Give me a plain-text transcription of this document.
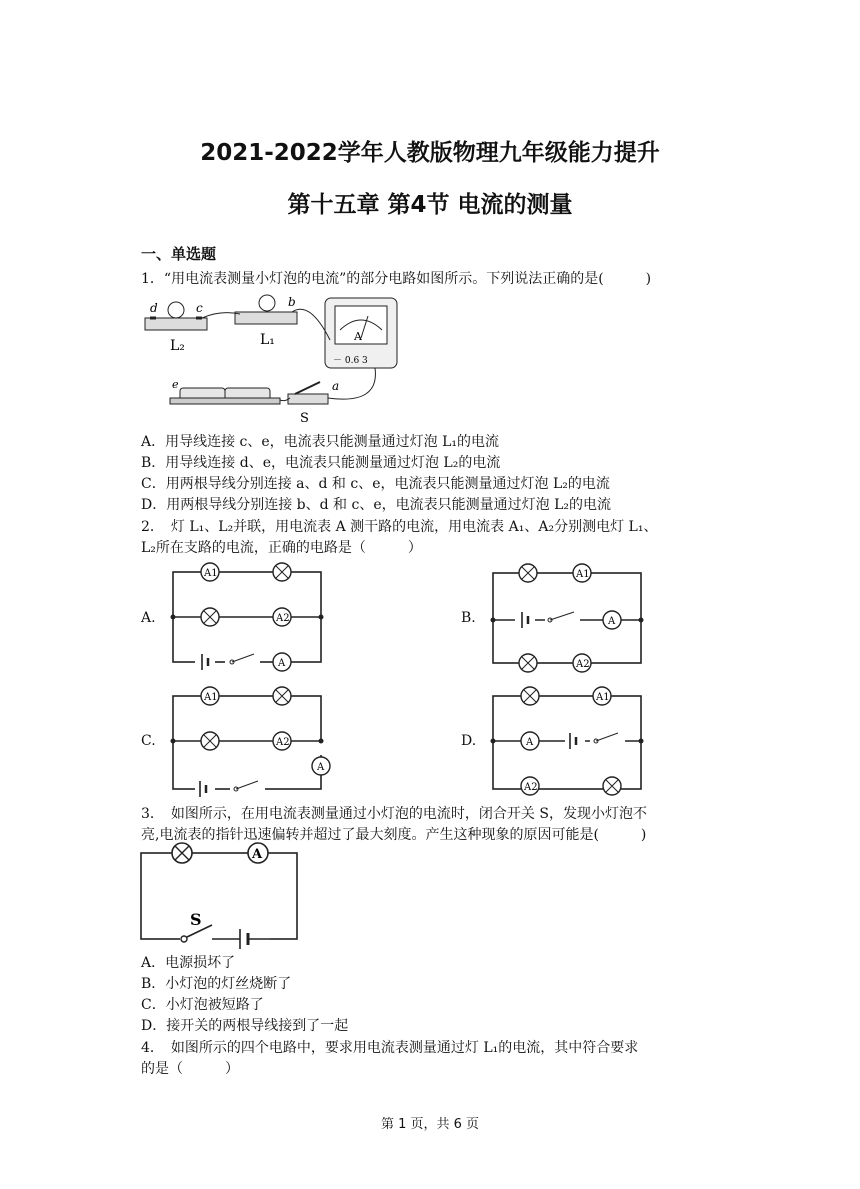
2021-2022学年人教版物理九年级能力提升
第十五章 第4节 电流的测量
一、单选题
1．“用电流表测量小灯泡的电流”的部分电路如图所示。下列说法正确的是(　　　)
d	c
L₂
b
L₁	A
－ 0.6 3
e	a
S
A．用导线连接 c、e，电流表只能测量通过灯泡 L₁的电流
B．用导线连接 d、e，电流表只能测量通过灯泡 L₂的电流
C．用两根导线分别连接 a、d 和 c、e，电流表只能测量通过灯泡 L₂的电流
D．用两根导线分别连接 b、d 和 c、e，电流表只能测量通过灯泡 L₂的电流
2．　灯 L₁、L₂并联，用电流表 A 测干路的电流，用电流表 A₁、A₂分别测电灯 L₁、
L₂所在支路的电流，正确的电路是（　　　）
A.	B.
C.	D.
A1
A2
A
A1
A
A2
A1
A2
A
A1
A
A2
3．　如图所示，在用电流表测量通过小灯泡的电流时，闭合开关 S，发现小灯泡不
亮,电流表的指针迅速偏转并超过了最大刻度。产生这种现象的原因可能是(　　　)
A
S
A．电源损坏了
B．小灯泡的灯丝烧断了
C．小灯泡被短路了
D．接开关的两根导线接到了一起
4．　如图所示的四个电路中，要求用电流表测量通过灯 L₁的电流，其中符合要求
的是（　　　）
第 1 页，共 6 页
